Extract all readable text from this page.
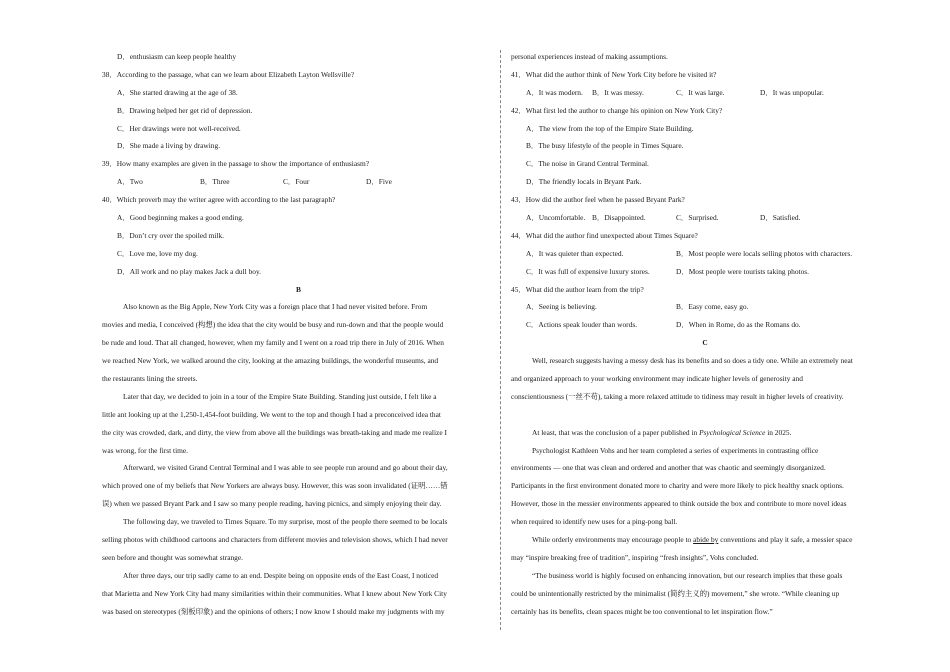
D．enthusiasm can keep people healthy
38．According to the passage, what can we learn about Elizabeth Layton Wellsville?
A．She started drawing at the age of 38.
B．Drawing helped her get rid of depression.
C．Her drawings were not well-received.
D．She made a living by drawing.
39．How many examples are given in the passage to show the importance of enthusiasm?
A．Two	B．Three	C．Four	D．Five
40．Which proverb may the writer agree with according to the last paragraph?
A．Good beginning makes a good ending.
B．Don’t cry over the spoiled milk.
C．Love me, love my dog.
D．All work and no play makes Jack a dull boy.
B
Also known as the Big Apple, New York City was a foreign place that I had never visited before. From
movies and media, I conceived (构想) the idea that the city would be busy and run-down and that the people would
be rude and loud. That all changed, however, when my family and I went on a road trip there in July of 2016. When
we reached New York, we walked around the city, looking at the amazing buildings, the wonderful museums, and
the restaurants lining the streets.
Later that day, we decided to join in a tour of the Empire State Building. Standing just outside, I felt like a
little ant looking up at the 1,250-1,454-foot building. We went to the top and though I had a preconceived idea that
the city was crowded, dark, and dirty, the view from above all the buildings was breath-taking and made me realize I
was wrong, for the first time.
Afterward, we visited Grand Central Terminal and I was able to see people run around and go about their day,
which proved one of my beliefs that New Yorkers are always busy. However, this was soon invalidated (证明……错
误) when we passed Bryant Park and I saw so many people reading, having picnics, and simply enjoying their day.
The following day, we traveled to Times Square. To my surprise, most of the people there seemed to be locals
selling photos with childhood cartoons and characters from different movies and television shows, which I had never
seen before and thought was somewhat strange.
After three days, our trip sadly came to an end. Despite being on opposite ends of the East Coast, I noticed
that Marietta and New York City had many similarities within their communities. What I knew about New York City
was based on stereotypes (刻板印象) and the opinions of others; I now know I should make my judgments with my
personal experiences instead of making assumptions.
41．What did the author think of New York City before he visited it?
A．It was modern.	B．It was messy.	C．It was large.	D．It was unpopular.
42．What first led the author to change his opinion on New York City?
A．The view from the top of the Empire State Building.
B．The busy lifestyle of the people in Times Square.
C．The noise in Grand Central Terminal.
D．The friendly locals in Bryant Park.
43．How did the author feel when he passed Bryant Park?
A．Uncomfortable. B．Disappointed.	C．Surprised.	D．Satisfied.
44．What did the author find unexpected about Times Square?
A．It was quieter than expected.	B．Most people were locals selling photos with characters.
C．It was full of expensive luxury stores.	D．Most people were tourists taking photos.
45．What did the author learn from the trip?
A．Seeing is believing.	B．Easy come, easy go.
C．Actions speak louder than words.	D．When in Rome, do as the Romans do.
C
Well, research suggests having a messy desk has its benefits and so does a tidy one. While an extremely neat
and organized approach to your working environment may indicate higher levels of generosity and
conscientiousness (一丝不苟), taking a more relaxed attitude to tidiness may result in higher levels of creativity.
At least, that was the conclusion of a paper published in Psychological Science in 2025.
Psychologist Kathleen Vohs and her team completed a series of experiments in contrasting office
environments — one that was clean and ordered and another that was chaotic and seemingly disorganized.
Participants in the first environment donated more to charity and were more likely to pick healthy snack options.
However, those in the messier environments appeared to think outside the box and contribute to more novel ideas
when required to identify new uses for a ping-pong ball.
While orderly environments may encourage people to abide by conventions and play it safe, a messier space
may “inspire breaking free of tradition”, inspiring “fresh insights”, Vohs concluded.
“The business world is highly focused on enhancing innovation, but our research implies that these goals
could be unintentionally restricted by the minimalist (简约主义的) movement,” she wrote. “While cleaning up
certainly has its benefits, clean spaces might be too conventional to let inspiration flow.”
